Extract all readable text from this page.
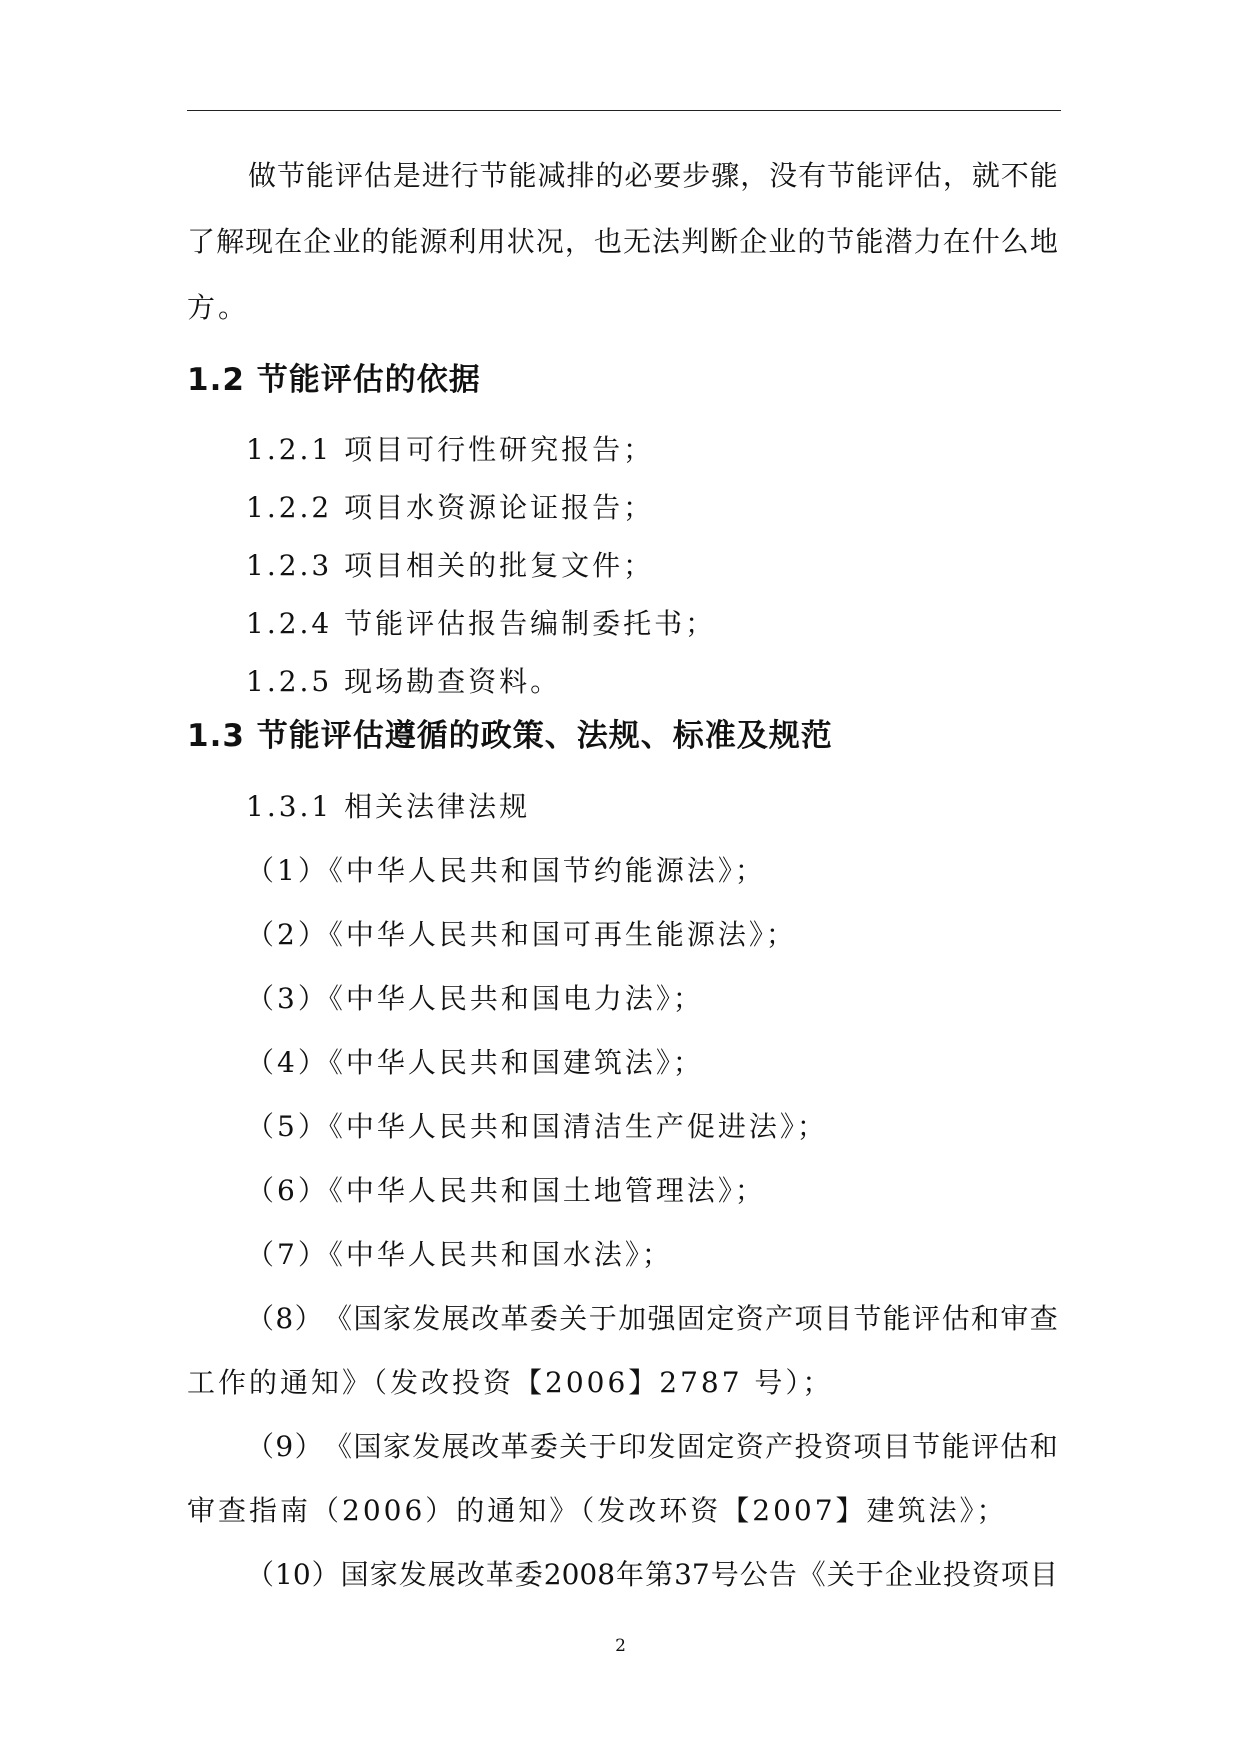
做 节 能 评 估 是 进 行 节 能 减 排 的 必 要 步 骤 ， 没 有 节 能 评 估 ， 就 不 能
了 解 现 在 企 业 的 能 源 利 用 状 况 ， 也 无 法 判 断 企 业 的 节 能 潜 力 在 什 么 地
方。
1.2 节能评估的依据
1.2.1 项目可行性研究报告；
1.2.2 项目水资源论证报告；
1.2.3 项目相关的批复文件；
1.2.4 节能评估报告编制委托书；
1.2.5 现场勘查资料。
1.3 节能评估遵循的政策、法规、标准及规范
1.3.1 相关法律法规
（1）《中华人民共和国节约能源法》；
（2）《中华人民共和国可再生能源法》；
（3）《中华人民共和国电力法》；
（4）《中华人民共和国建筑法》；
（5）《中华人民共和国清洁生产促进法》；
（6）《中华人民共和国土地管理法》；
（7）《中华人民共和国水法》；
（ 8 ） 《 国 家 发 展 改 革 委 关 于 加 强 固 定 资 产 项 目 节 能 评 估 和 审 查
工作的通知》（发改投资【2006】2787 号）；
（ 9 ） 《 国 家 发 展 改 革 委 关 于 印 发 固 定 资 产 投 资 项 目 节 能 评 估 和
审查指南（2006）的通知》（发改环资【2007】建筑法》；
（ 10 ） 国 家 发 展 改 革 委 2008 年 第 37 号 公 告 《 关 于 企 业 投 资 项 目
2
